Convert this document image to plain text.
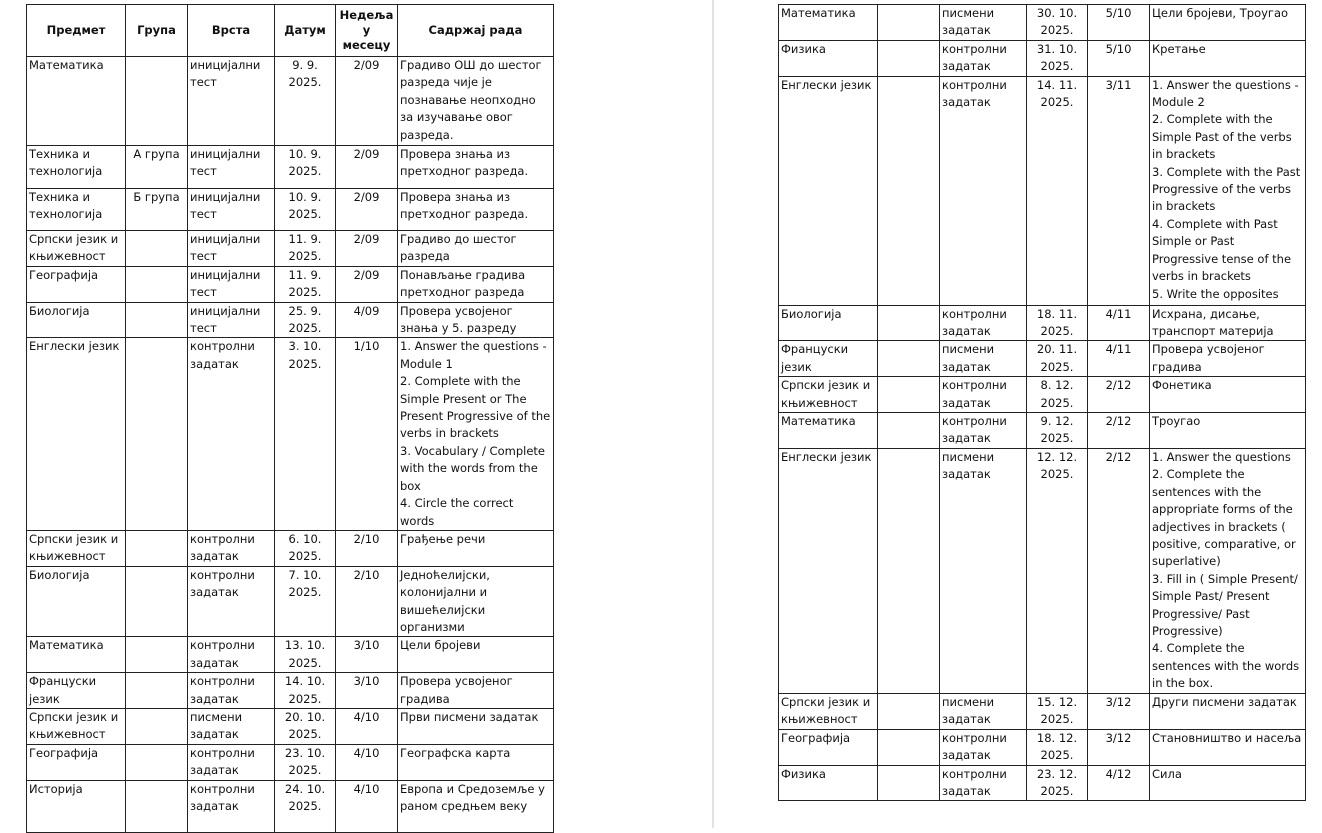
Предмет	Група	Врста	Датум	Недеља у месецу	Садржај рада
Математика		иницијални тест	9. 9. 2025.	2/09	Градиво ОШ до шестог разреда чије је познавање неопходно за изучавање овог разреда.
Техника и технологија	А група	иницијални тест	10. 9. 2025.	2/09	Провера знања из претходног разреда.
Техника и технологија	Б група	иницијални тест	10. 9. 2025.	2/09	Провера знања из претходног разреда.
Српски језик и књижевност		иницијални тест	11. 9. 2025.	2/09	Градиво до шестог разреда
Географија		иницијални тест	11. 9. 2025.	2/09	Понављање градива претходног разреда
Биологија		иницијални тест	25. 9. 2025.	4/09	Провера усвојеног знања у 5. разреду
Енглески језик		контролни задатак	3. 10. 2025.	1/10	1. Answer the questions - Module 1
2. Complete with the Simple Present or The Present Progressive of the verbs in brackets
3. Vocabulary / Complete with the words from the box
4. Circle the correct words
Српски језик и књижевност		контролни задатак	6. 10. 2025.	2/10	Грађење речи
Биологија		контролни задатак	7. 10. 2025.	2/10	Једноћелијски, колонијални и вишећелијски организми
Математика		контролни задатак	13. 10. 2025.	3/10	Цели бројеви
Француски језик		контролни задатак	14. 10. 2025.	3/10	Провера усвојеног градива
Српски језик и књижевност		писмени задатак	20. 10. 2025.	4/10	Први писмени задатак
Географија		контролни задатак	23. 10. 2025.	4/10	Географска карта
Историја		контролни задатак	24. 10. 2025.	4/10	Европа и Средоземље у раном средњем веку
Математика		писмени задатак	30. 10. 2025.	5/10	Цели бројеви, Троугао
Физика		контролни задатак	31. 10. 2025.	5/10	Кретање
Енглески језик		контролни задатак	14. 11. 2025.	3/11	1. Answer the questions - Module 2
2. Complete with the Simple Past of the verbs in brackets
3. Complete with the Past Progressive of the verbs in brackets
4. Complete with Past Simple or Past Progressive tense of the verbs in brackets
5. Write the opposites
Биологија		контролни задатак	18. 11. 2025.	4/11	Исхрана, дисање, транспорт материја
Француски језик		писмени задатак	20. 11. 2025.	4/11	Провера усвојеног градива
Српски језик и књижевност		контролни задатак	8. 12. 2025.	2/12	Фонетика
Математика		контролни задатак	9. 12. 2025.	2/12	Троугао
Енглески језик		писмени задатак	12. 12. 2025.	2/12	1. Answer the questions
2. Complete the sentences with the appropriate forms of the adjectives in brackets ( positive, comparative, or superlative)
3. Fill in ( Simple Present/ Simple Past/ Present Progressive/ Past Progressive)
4. Complete the sentences with the words in the box.
Српски језик и књижевност		писмени задатак	15. 12. 2025.	3/12	Други писмени задатак
Географија		контролни задатак	18. 12. 2025.	3/12	Становништво и насеља
Физика		контролни задатак	23. 12. 2025.	4/12	Сила
